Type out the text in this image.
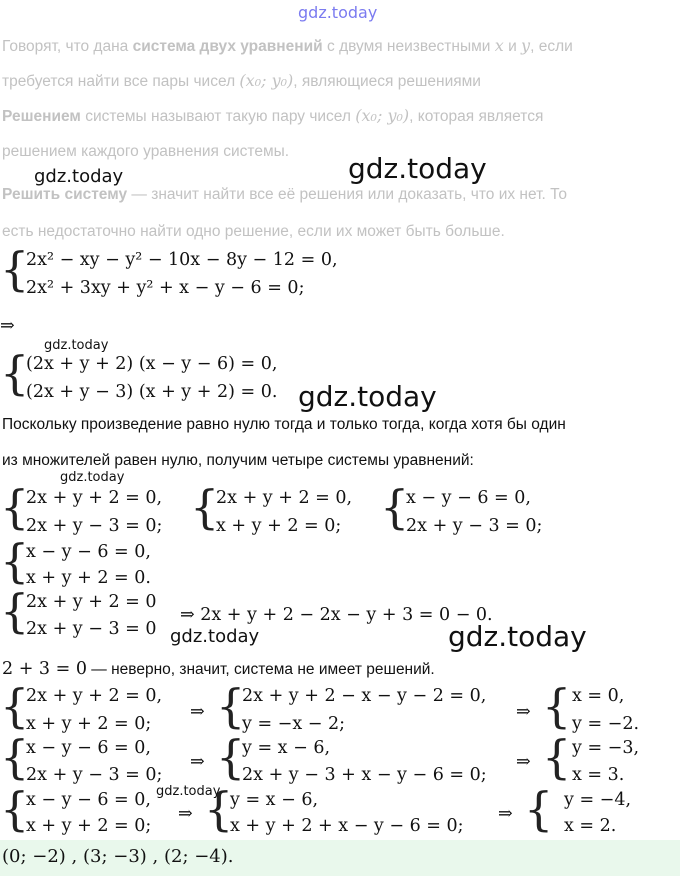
gdz.today
Говорят, что дана система двух уравнений с двумя неизвестными x и y, если
требуется найти все пары чисел (x₀; y₀), являющиеся решениями
Решением системы называют такую пару чисел (x₀; y₀), которая является
решением каждого уравнения системы.
Решить систему — значит найти все её решения или доказать, что их нет. То
есть недостаточно найти одно решение, если их может быть больше.
gdz.today
gdz.today
{
2x² − xy − y² − 10x − 8y − 12 = 0,
2x² + 3xy + y² + x − y − 6 = 0;
⇒
gdz.today
{
(2x + y + 2) (x − y − 6) = 0,
(2x + y − 3) (x + y + 2) = 0. gdz.today
Поскольку произведение равно нулю тогда и только тогда, когда хотя бы один
из множителей равен нулю, получим четыре системы уравнений:
gdz.today
{
2x + y + 2 = 0,
2x + y − 3 = 0; {
2x + y + 2 = 0,
x + y + 2 = 0; {
x − y − 6 = 0,
2x + y − 3 = 0;
{
x − y − 6 = 0,
x + y + 2 = 0.
{
2x + y + 2 = 0
2x + y − 3 = 0
⇒ 2x + y + 2 − 2x − y + 3 = 0 − 0.
gdz.today	gdz.today
2 + 3 = 0 — неверно, значит, система не имеет решений.
{
2x + y + 2 = 0,
x + y + 2 = 0;
⇒ {
2x + y + 2 − x − y − 2 = 0,
y = −x − 2;
⇒ { x = 0,
y = −2.
{
x − y − 6 = 0,
2x + y − 3 = 0;
⇒ {
y = x − 6,
2x + y − 3 + x − y − 6 = 0;
⇒ { y = −3,
x = 3.
{
x − y − 6 = 0,
x + y + 2 = 0;
gdz.today
⇒ {
y = x − 6,
x + y + 2 + x − y − 6 = 0;
⇒ { y = −4,
x = 2.
(0; −2) , (3; −3) , (2; −4).
